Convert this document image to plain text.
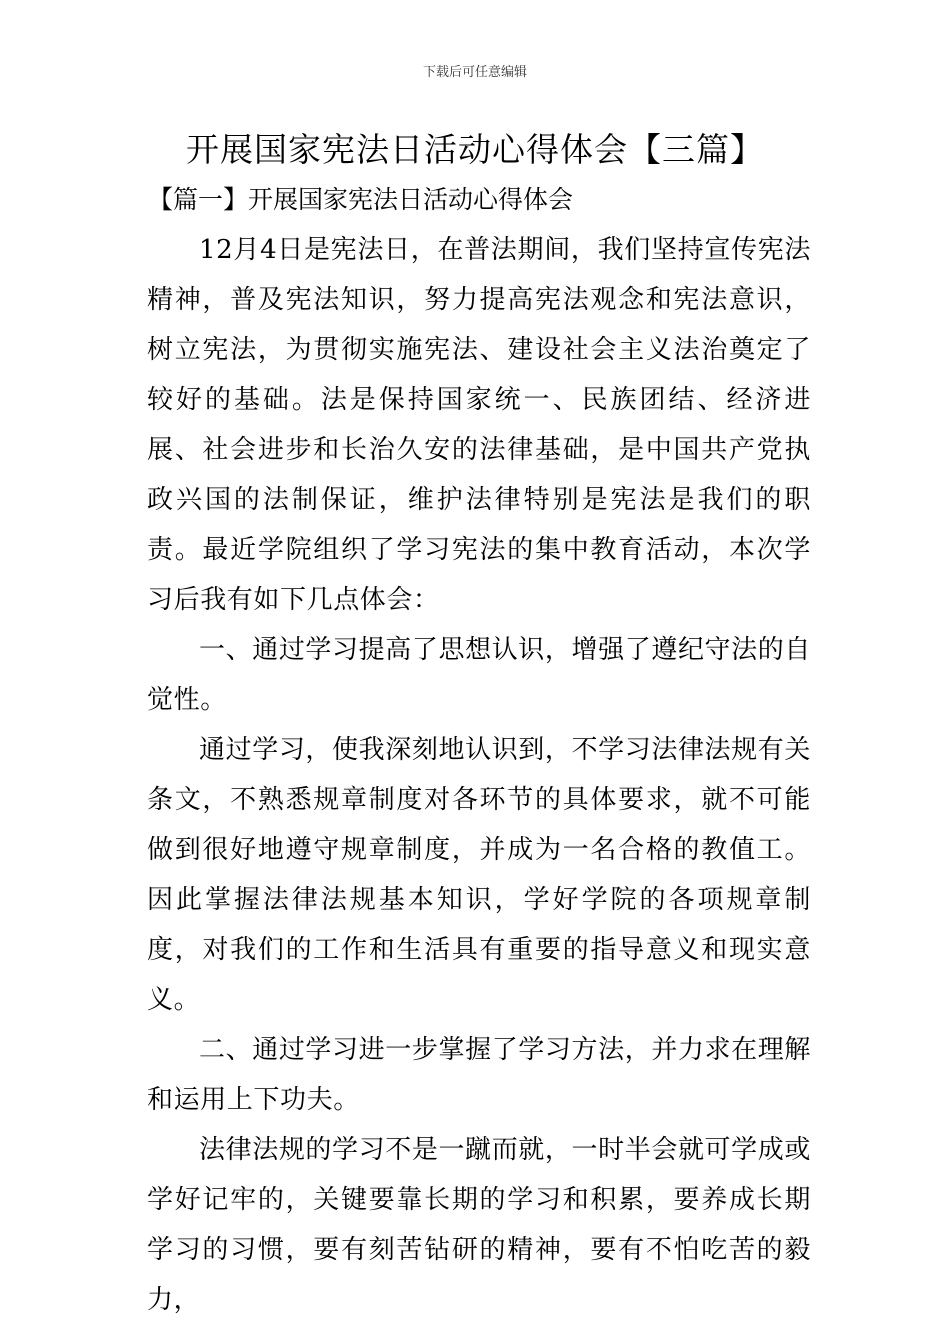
下载后可任意编辑
开展国家宪法日活动心得体会【三篇】
【篇一】开展国家宪法日活动心得体会

12月4日是宪法日，在普法期间，我们坚持宣传宪法精神，普及宪法知识，努力提高宪法观念和宪法意识，树立宪法，为贯彻实施宪法、建设社会主义法治奠定了较好的基础。法是保持国家统一、民族团结、经济进展、社会进步和长治久安的法律基础，是中国共产党执政兴国的法制保证，维护法律特别是宪法是我们的职责。最近学院组织了学习宪法的集中教育活动，本次学习后我有如下几点体会：

一、通过学习提高了思想认识，增强了遵纪守法的自觉性。

通过学习，使我深刻地认识到，不学习法律法规有关条文，不熟悉规章制度对各环节的具体要求，就不可能做到很好地遵守规章制度，并成为一名合格的教值工。因此掌握法律法规基本知识，学好学院的各项规章制度，对我们的工作和生活具有重要的指导意义和现实意义。

二、通过学习进一步掌握了学习方法，并力求在理解和运用上下功夫。

法律法规的学习不是一蹴而就，一时半会就可学成或学好记牢的，关键要靠长期的学习和积累，要养成长期学习的习惯，要有刻苦钻研的精神，要有不怕吃苦的毅力，
